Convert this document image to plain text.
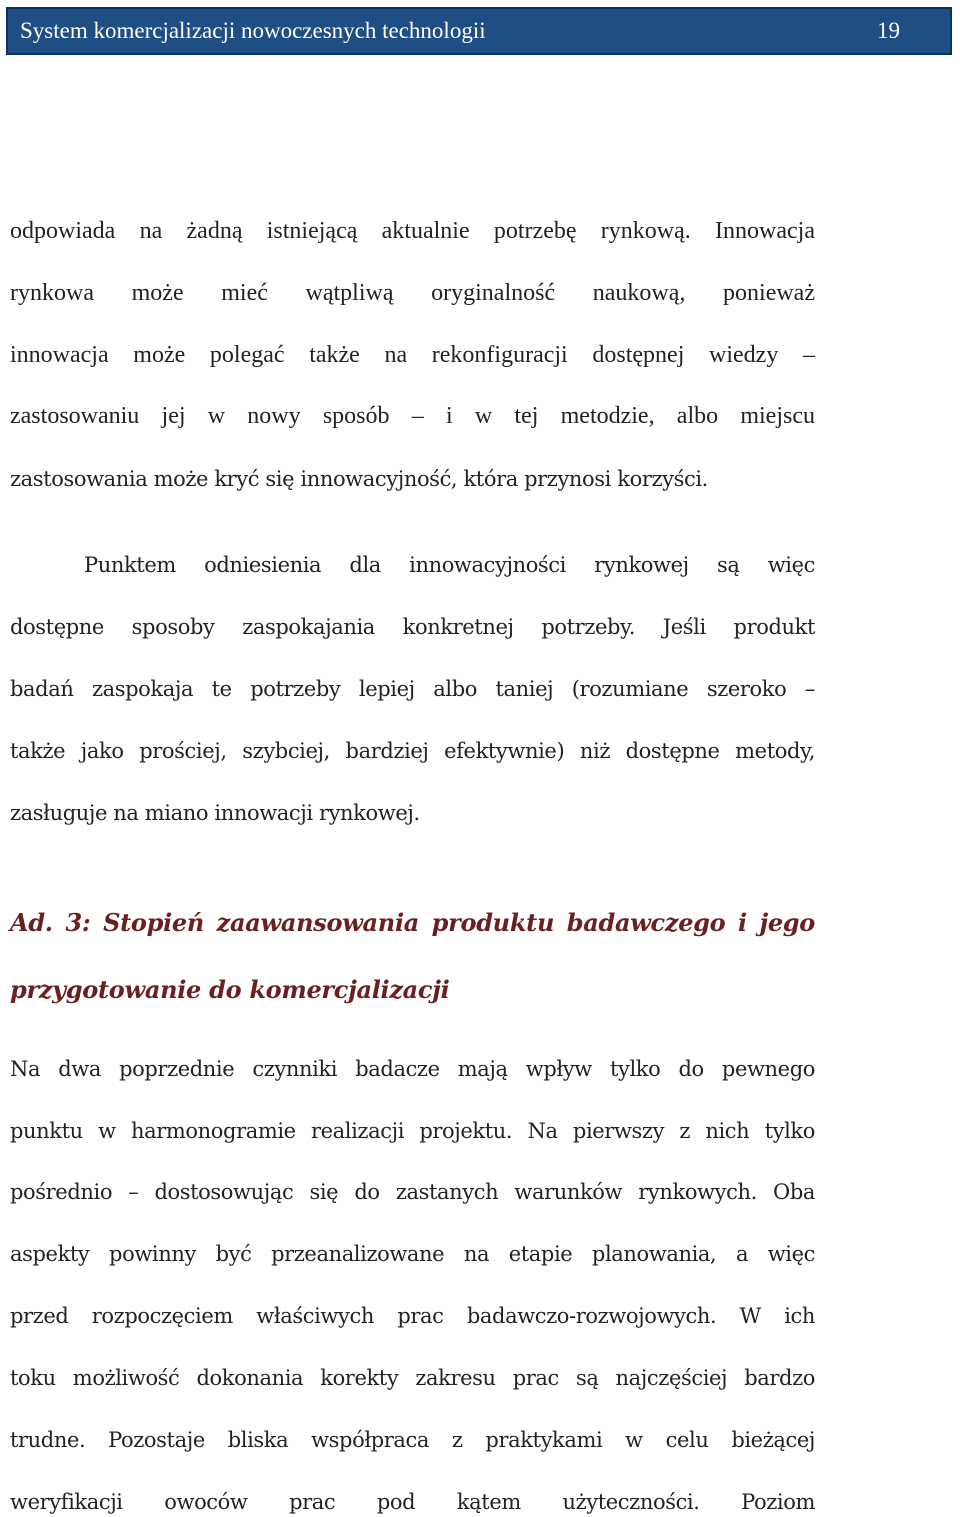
System komercjalizacji nowoczesnych technologii	19
odpowiada na żadną istniejącą aktualnie potrzebę rynkową. Innowacja
rynkowa może mieć wątpliwą oryginalność naukową, ponieważ
innowacja może polegać także na rekonfiguracji dostępnej wiedzy –
zastosowaniu jej w nowy sposób – i w tej metodzie, albo miejscu
zastosowania może kryć się innowacyjność, która przynosi korzyści.
Punktem odniesienia dla innowacyjności rynkowej są więc
dostępne sposoby zaspokajania konkretnej potrzeby. Jeśli produkt
badań zaspokaja te potrzeby lepiej albo taniej (rozumiane szeroko –
także jako prościej, szybciej, bardziej efektywnie) niż dostępne metody,
zasługuje na miano innowacji rynkowej.
Ad. 3: Stopień zaawansowania produktu badawczego i jego
przygotowanie do komercjalizacji
Na dwa poprzednie czynniki badacze mają wpływ tylko do pewnego
punktu w harmonogramie realizacji projektu. Na pierwszy z nich tylko
pośrednio – dostosowując się do zastanych warunków rynkowych. Oba
aspekty powinny być przeanalizowane na etapie planowania, a więc
przed rozpoczęciem właściwych prac badawczo-rozwojowych. W ich
toku możliwość dokonania korekty zakresu prac są najczęściej bardzo
trudne. Pozostaje bliska współpraca z praktykami w celu bieżącej
weryfikacji owoców prac pod kątem użyteczności. Poziom
